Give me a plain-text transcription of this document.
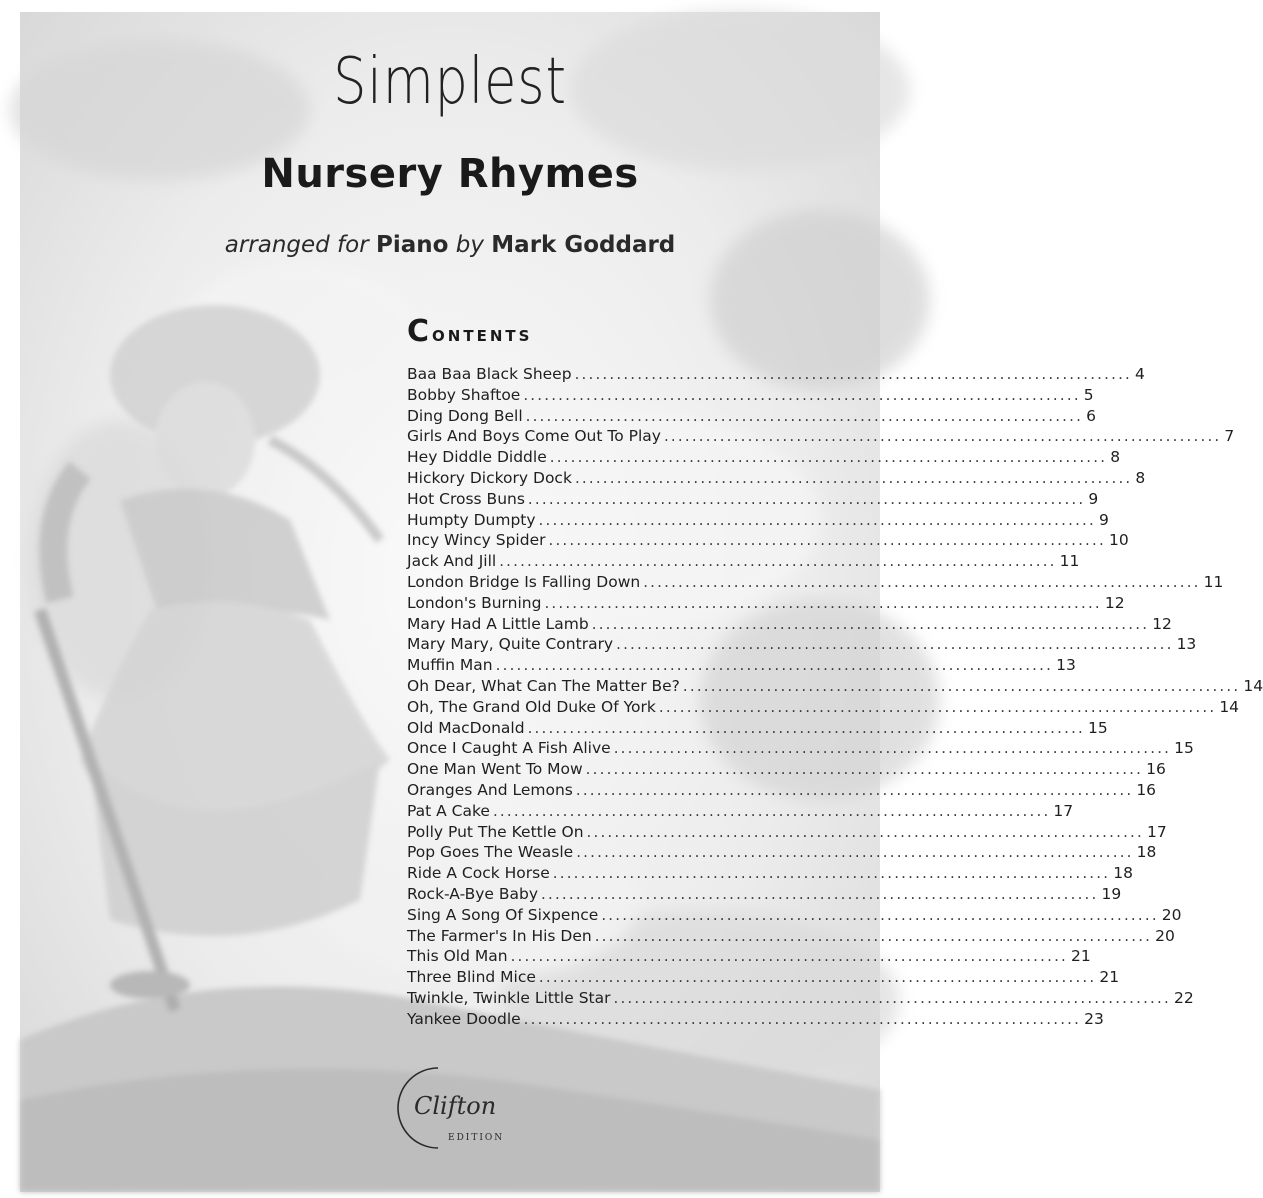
Simplest
Nursery Rhymes
arranged for Piano by Mark Goddard
Contents
Baa Baa Black Sheep ................................................................................ 4
Bobby Shaftoe ................................................................................ 5
Ding Dong Bell ................................................................................ 6
Girls And Boys Come Out To Play ................................................................................ 7
Hey Diddle Diddle ................................................................................ 8
Hickory Dickory Dock ................................................................................ 8
Hot Cross Buns ................................................................................ 9
Humpty Dumpty ................................................................................ 9
Incy Wincy Spider ................................................................................ 10
Jack And Jill ................................................................................ 11
London Bridge Is Falling Down ................................................................................ 11
London's Burning ................................................................................ 12
Mary Had A Little Lamb ................................................................................ 12
Mary Mary, Quite Contrary ................................................................................ 13
Muffin Man ................................................................................ 13
Oh Dear, What Can The Matter Be? ................................................................................ 14
Oh, The Grand Old Duke Of York ................................................................................ 14
Old MacDonald ................................................................................ 15
Once I Caught A Fish Alive ................................................................................ 15
One Man Went To Mow ................................................................................ 16
Oranges And Lemons ................................................................................ 16
Pat A Cake ................................................................................ 17
Polly Put The Kettle On ................................................................................ 17
Pop Goes The Weasle ................................................................................ 18
Ride A Cock Horse ................................................................................ 18
Rock-A-Bye Baby ................................................................................ 19
Sing A Song Of Sixpence ................................................................................ 20
The Farmer's In His Den ................................................................................ 20
This Old Man ................................................................................ 21
Three Blind Mice ................................................................................ 21
Twinkle, Twinkle Little Star ................................................................................ 22
Yankee Doodle ................................................................................ 23
Clifton
EDITION
